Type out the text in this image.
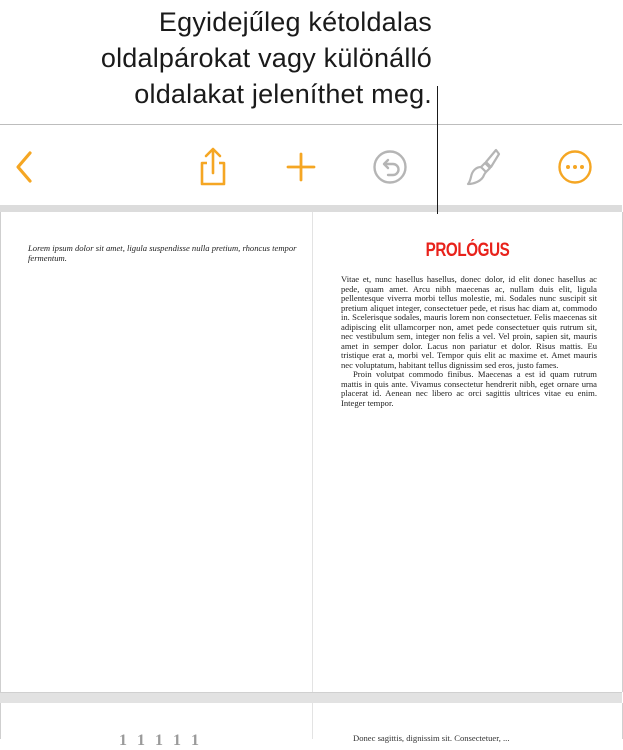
Egyidejűleg kétoldalas
oldalpárokat vagy különálló
oldalakat jeleníthet meg.
Lorem ipsum dolor sit amet, ligula suspendisse nulla pretium, rhoncus tempor fermentum.	PROLÓGUS

Vitae et, nunc hasellus hasellus, donec dolor, id elit donec hasellus ac pede, quam amet. Arcu nibh maecenas ac, nullam duis elit, ligula pellentesque viverra morbi tellus molestie, mi. Sodales nunc suscipit sit pretium aliquet integer, consectetuer pede, et risus hac diam at, commodo in. Scelerisque sodales, mauris lorem non consectetuer. Felis maecenas sit adipiscing elit ullamcorper non, amet pede consectetuer quis rutrum sit, nec vestibulum sem, integer non felis a vel. Vel proin, sapien sit, mauris amet in semper dolor. Lacus non pariatur et dolor. Risus mattis. Eu tristique erat a, morbi vel. Tempor quis elit ac maxime et. Amet mauris nec voluptatum, habitant tellus dignissim sed eros, justo fames.

Proin volutpat commodo finibus. Maecenas a est id quam rutrum mattis in quis ante. Vivamus consectetur hendrerit nibh, eget ornare urna placerat id. Aenean nec libero ac orci sagittis ultrices vitae eu enim. Integer tempor.

1 1 1 1 1	Donec sagittis, dignissim sit. Consectetuer, ...
